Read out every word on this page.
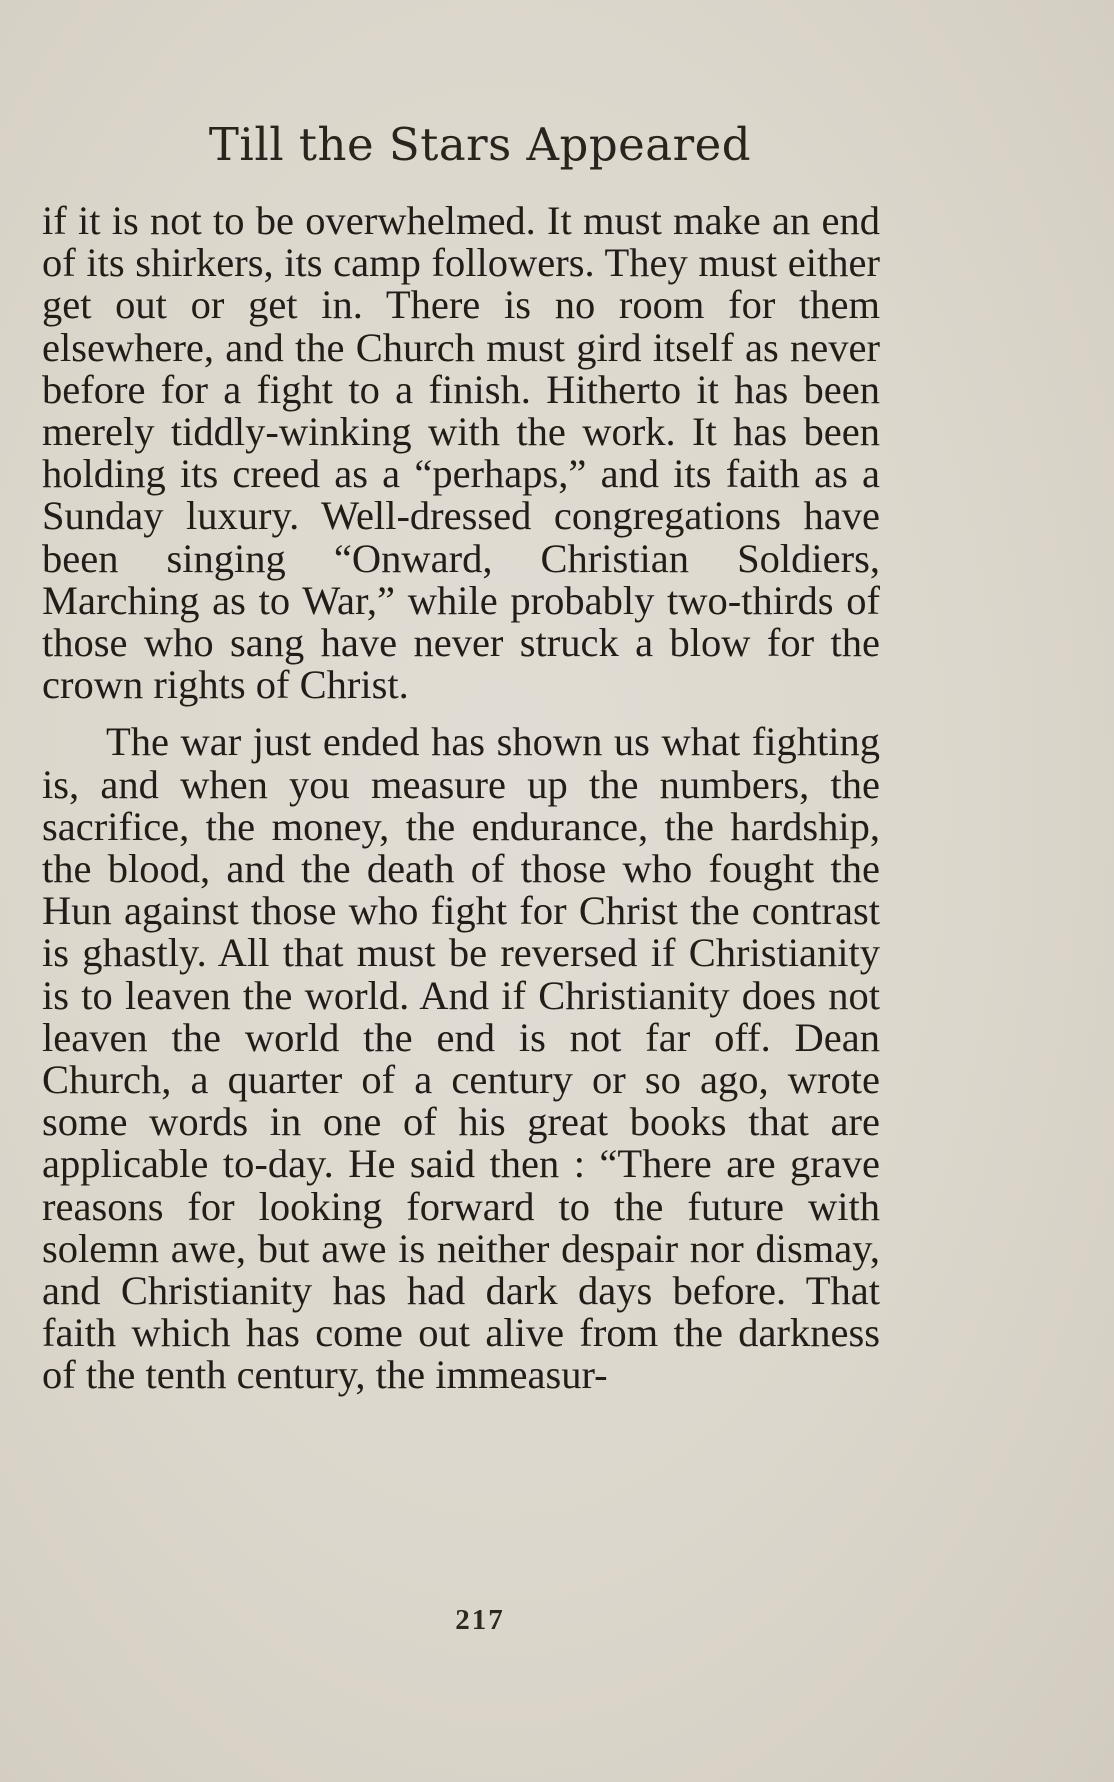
Till the Stars Appeared

if it is not to be overwhelmed. It must make an end of its shirkers, its camp followers. They must either get out or get in. There is no room for them elsewhere, and the Church must gird itself as never before for a fight to a finish. Hitherto it has been merely tiddly-winking with the work. It has been holding its creed as a “perhaps,” and its faith as a Sunday luxury. Well-dressed congregations have been singing “Onward, Christian Soldiers, Marching as to War,” while probably two-thirds of those who sang have never struck a blow for the crown rights of Christ.

The war just ended has shown us what fighting is, and when you measure up the numbers, the sacrifice, the money, the endurance, the hardship, the blood, and the death of those who fought the Hun against those who fight for Christ the contrast is ghastly. All that must be reversed if Christianity is to leaven the world. And if Christianity does not leaven the world the end is not far off. Dean Church, a quarter of a century or so ago, wrote some words in one of his great books that are applicable to-day. He said then : “There are grave reasons for looking forward to the future with solemn awe, but awe is neither despair nor dismay, and Christianity has had dark days before. That faith which has come out alive from the darkness of the tenth century, the immeasur-

217
